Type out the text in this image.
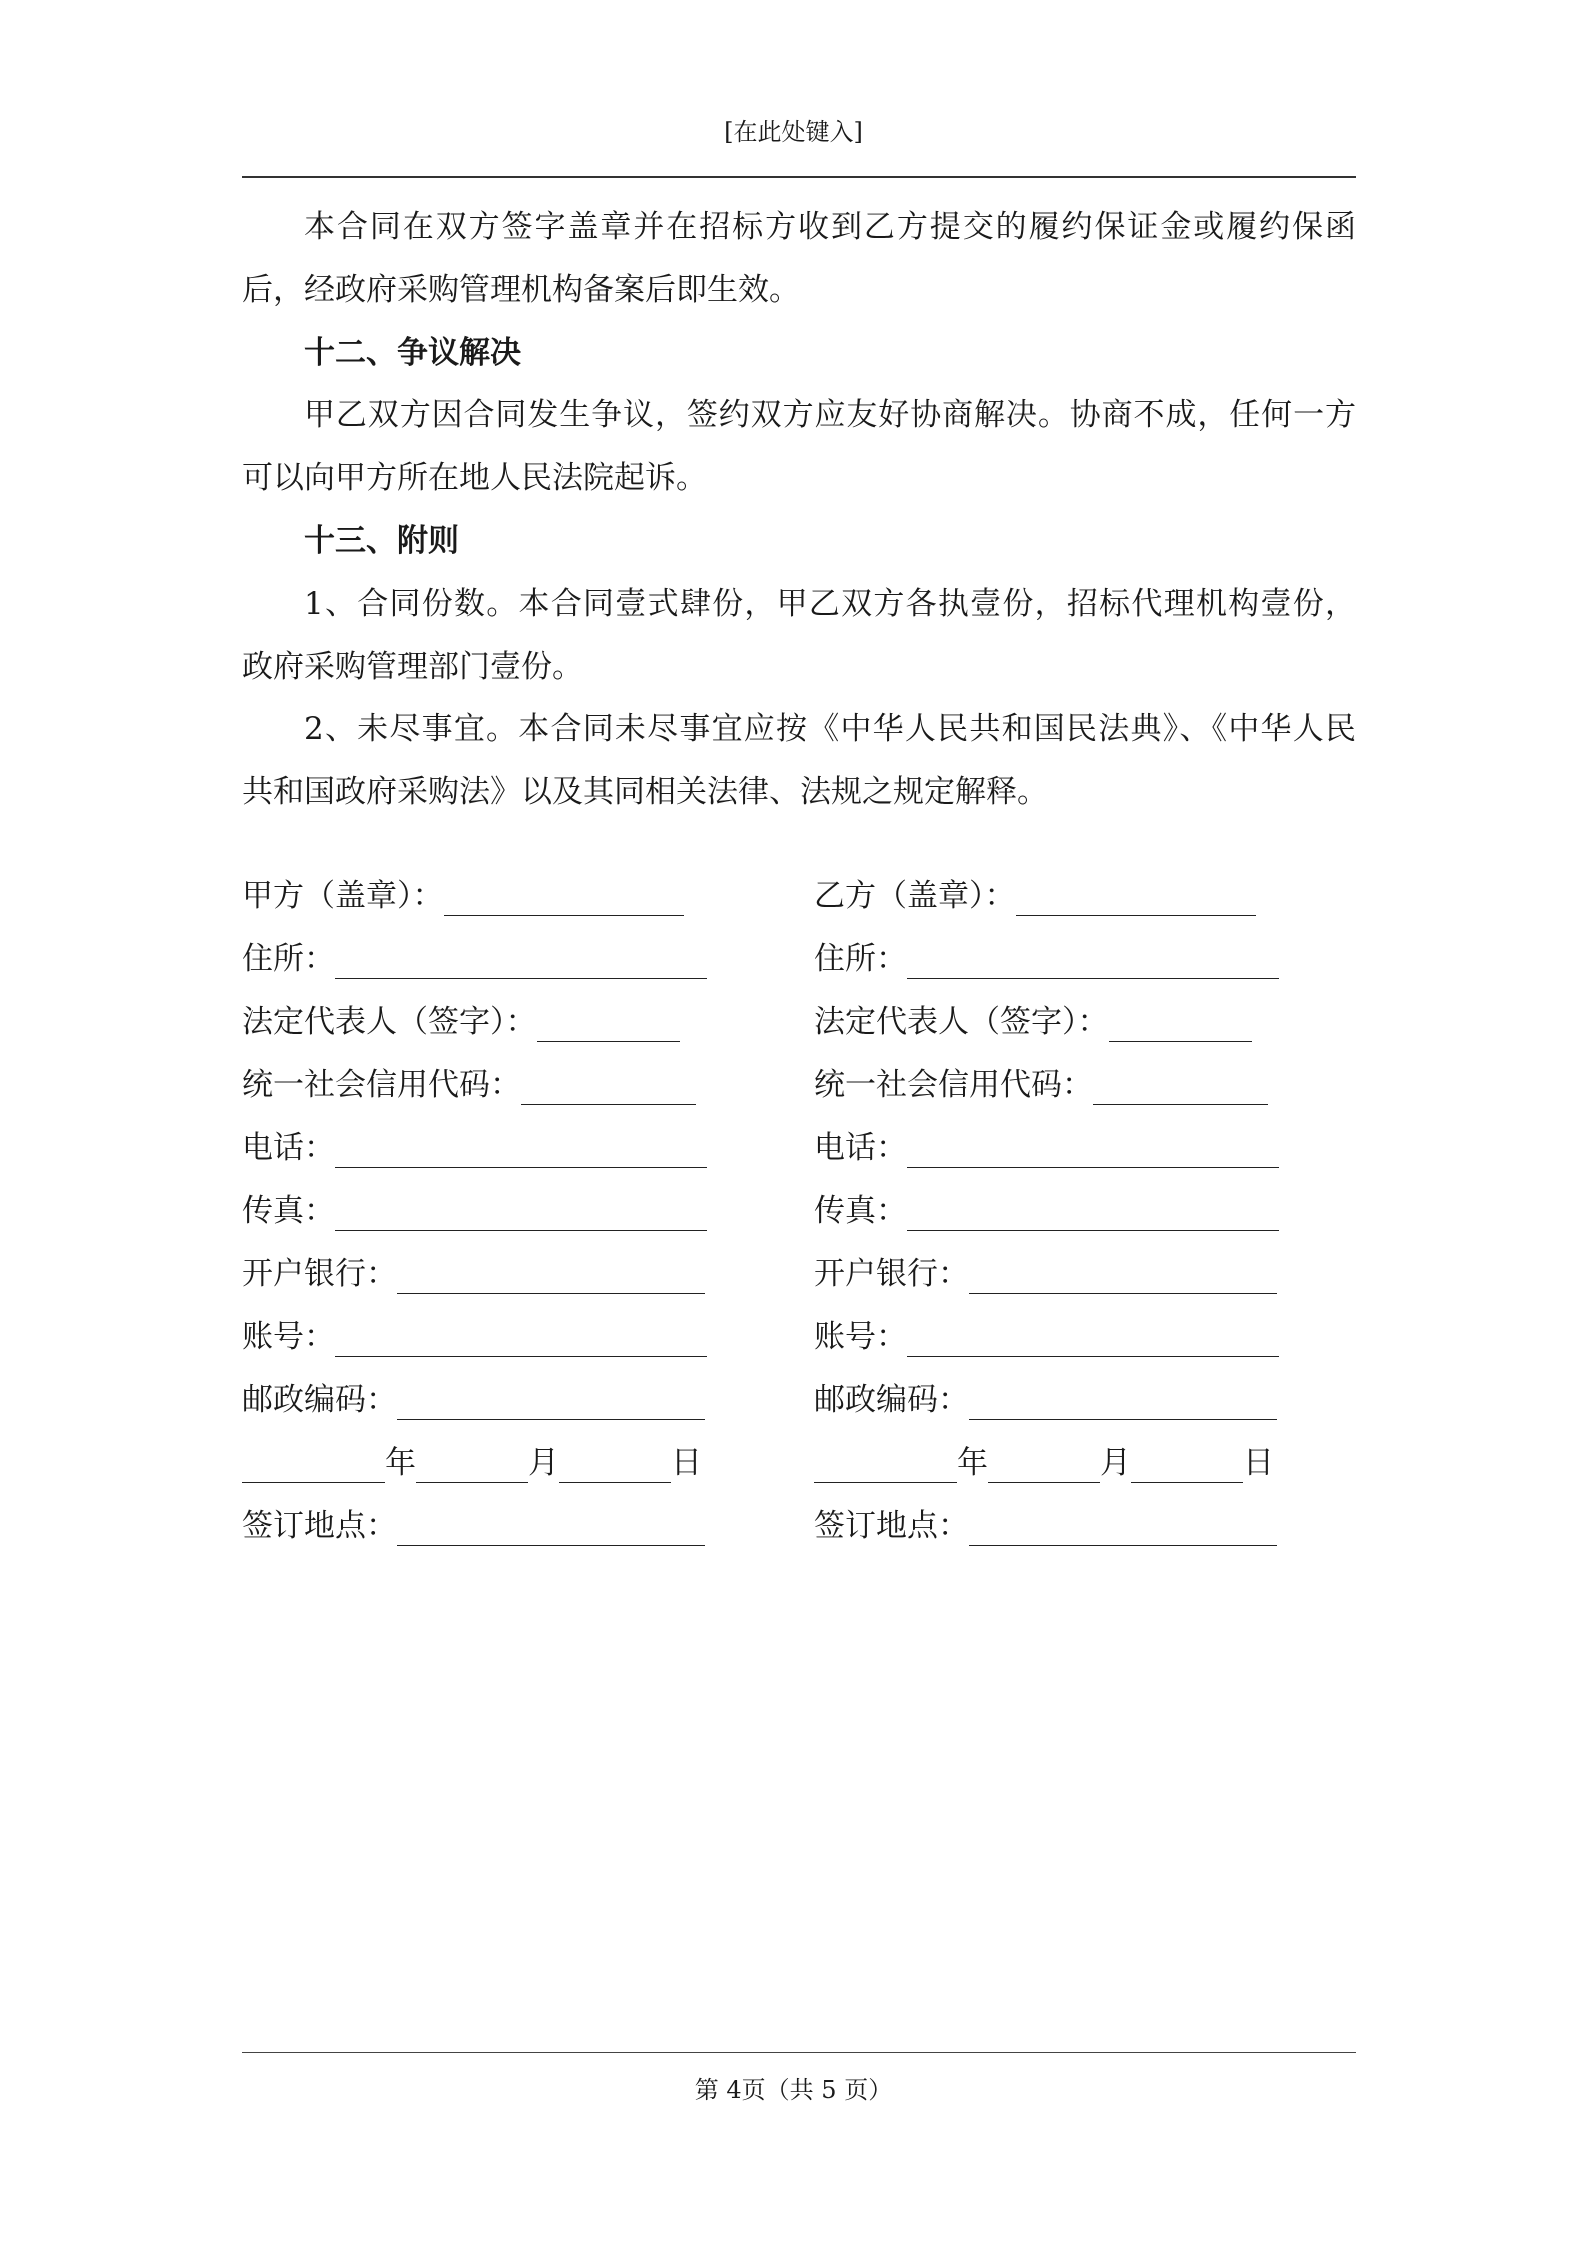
[在此处键入]
本合同在双方签字盖章并在招标方收到乙方提交的履约保证金或履约保函
后，经政府采购管理机构备案后即生效。
十二、争议解决
甲乙双方因合同发生争议，签约双方应友好协商解决。协商不成，任何一方
可以向甲方所在地人民法院起诉。
十三、附则
1、合同份数。本合同壹式肆份，甲乙双方各执壹份，招标代理机构壹份，
政府采购管理部门壹份。
2、未尽事宜。本合同未尽事宜应按《中华人民共和国民法典》、《中华人民
共和国政府采购法》以及其同相关法律、法规之规定解释。
甲方（盖章）：
住所：
法定代表人（签字）：
统一社会信用代码：
电话：
传真：
开户银行：
账号：
邮政编码：
年	月	日
签订地点：
乙方（盖章）：
住所：
法定代表人（签字）：
统一社会信用代码：
电话：
传真：
开户银行：
账号：
邮政编码：
年	月	日
签订地点：
第 4页（共 5 页）
